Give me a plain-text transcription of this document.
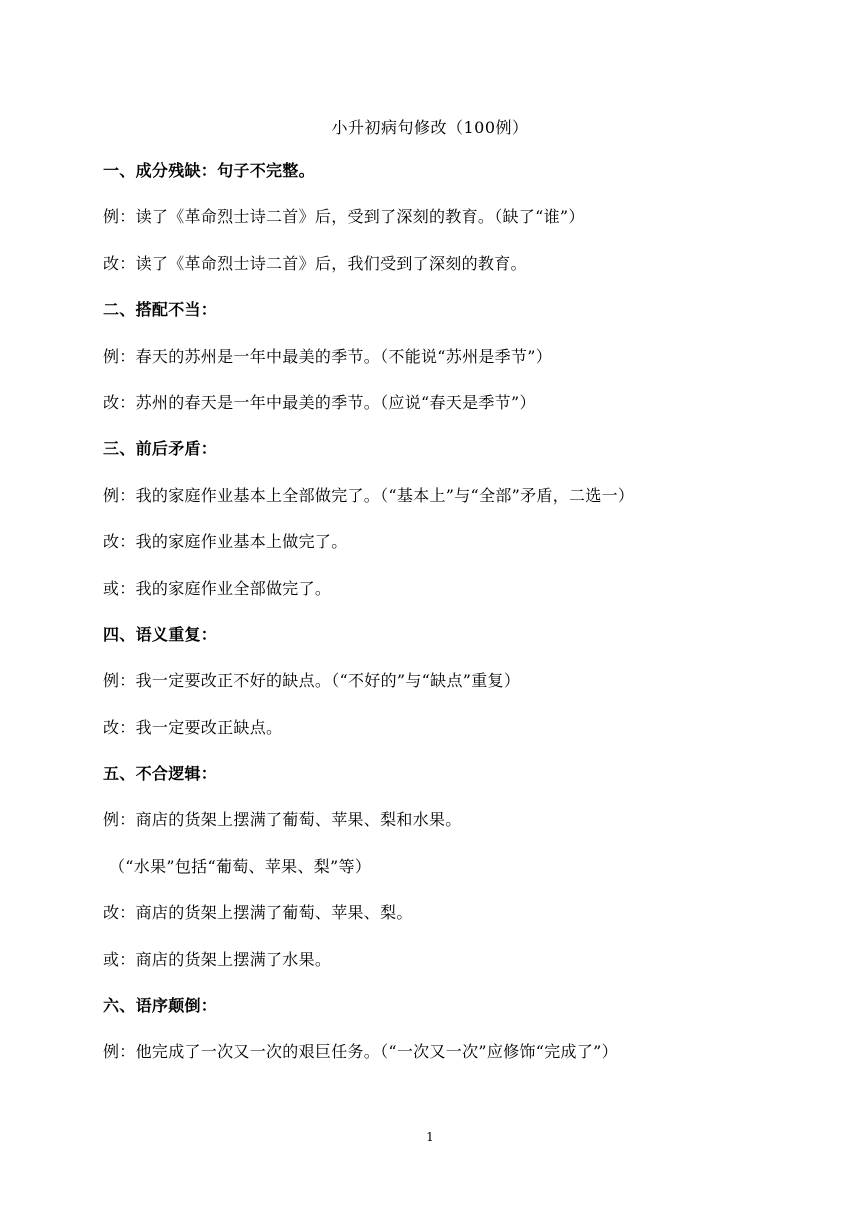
小升初病句修改（100例）
一、成分残缺：句子不完整。
例：读了《革命烈士诗二首》后，受到了深刻的教育。（缺了“谁”）
改：读了《革命烈士诗二首》后，我们受到了深刻的教育。
二、搭配不当：
例：春天的苏州是一年中最美的季节。（不能说“苏州是季节”）
改：苏州的春天是一年中最美的季节。（应说“春天是季节”）
三、前后矛盾：
例：我的家庭作业基本上全部做完了。（“基本上”与“全部”矛盾，二选一）
改：我的家庭作业基本上做完了。
或：我的家庭作业全部做完了。
四、语义重复：
例：我一定要改正不好的缺点。（“不好的”与“缺点”重复）
改：我一定要改正缺点。
五、不合逻辑：
例：商店的货架上摆满了葡萄、苹果、梨和水果。
（“水果”包括“葡萄、苹果、梨”等）
改：商店的货架上摆满了葡萄、苹果、梨。
或：商店的货架上摆满了水果。
六、语序颠倒：
例：他完成了一次又一次的艰巨任务。（“一次又一次”应修饰“完成了”）
1
